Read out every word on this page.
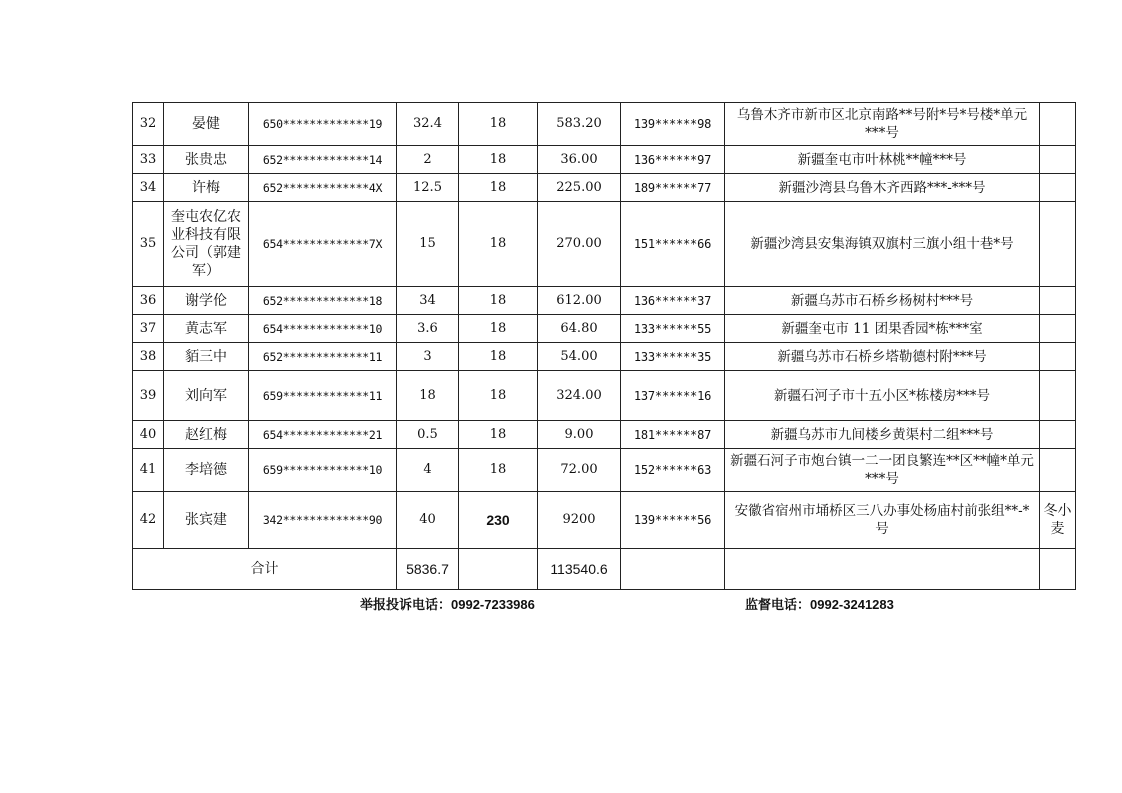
32	晏健	650*************19	32.4	18	583.20	139******98	乌鲁木齐市新市区北京南路**号附*号*号楼*单元***号	
33	张贵忠	652*************14	2	18	36.00	136******97	新疆奎屯市叶林桃**幢***号	
34	许梅	652*************4X	12.5	18	225.00	189******77	新疆沙湾县乌鲁木齐西路***-***号	
35	奎屯农亿农业科技有限公司（郭建军）	654*************7X	15	18	270.00	151******66	新疆沙湾县安集海镇双旗村三旗小组十巷*号	
36	谢学伦	652*************18	34	18	612.00	136******37	新疆乌苏市石桥乡杨树村***号	
37	黄志军	654*************10	3.6	18	64.80	133******55	新疆奎屯市 11 团果香园*栋***室	
38	貊三中	652*************11	3	18	54.00	133******35	新疆乌苏市石桥乡塔勒德村附***号	
39	刘向军	659*************11	18	18	324.00	137******16	新疆石河子市十五小区*栋楼房***号	
40	赵红梅	654*************21	0.5	18	9.00	181******87	新疆乌苏市九间楼乡黄渠村二组***号	
41	李培德	659*************10	4	18	72.00	152******63	新疆石河子市炮台镇一二一团良繁连**区**幢*单元***号	
42	张宾建	342*************90	40	230	9200	139******56	安徽省宿州市埇桥区三八办事处杨庙村前张组**-*号	冬小麦
合计			5836.7		113540.6			
举报投诉电话：0992-7233986	监督电话：0992-3241283
